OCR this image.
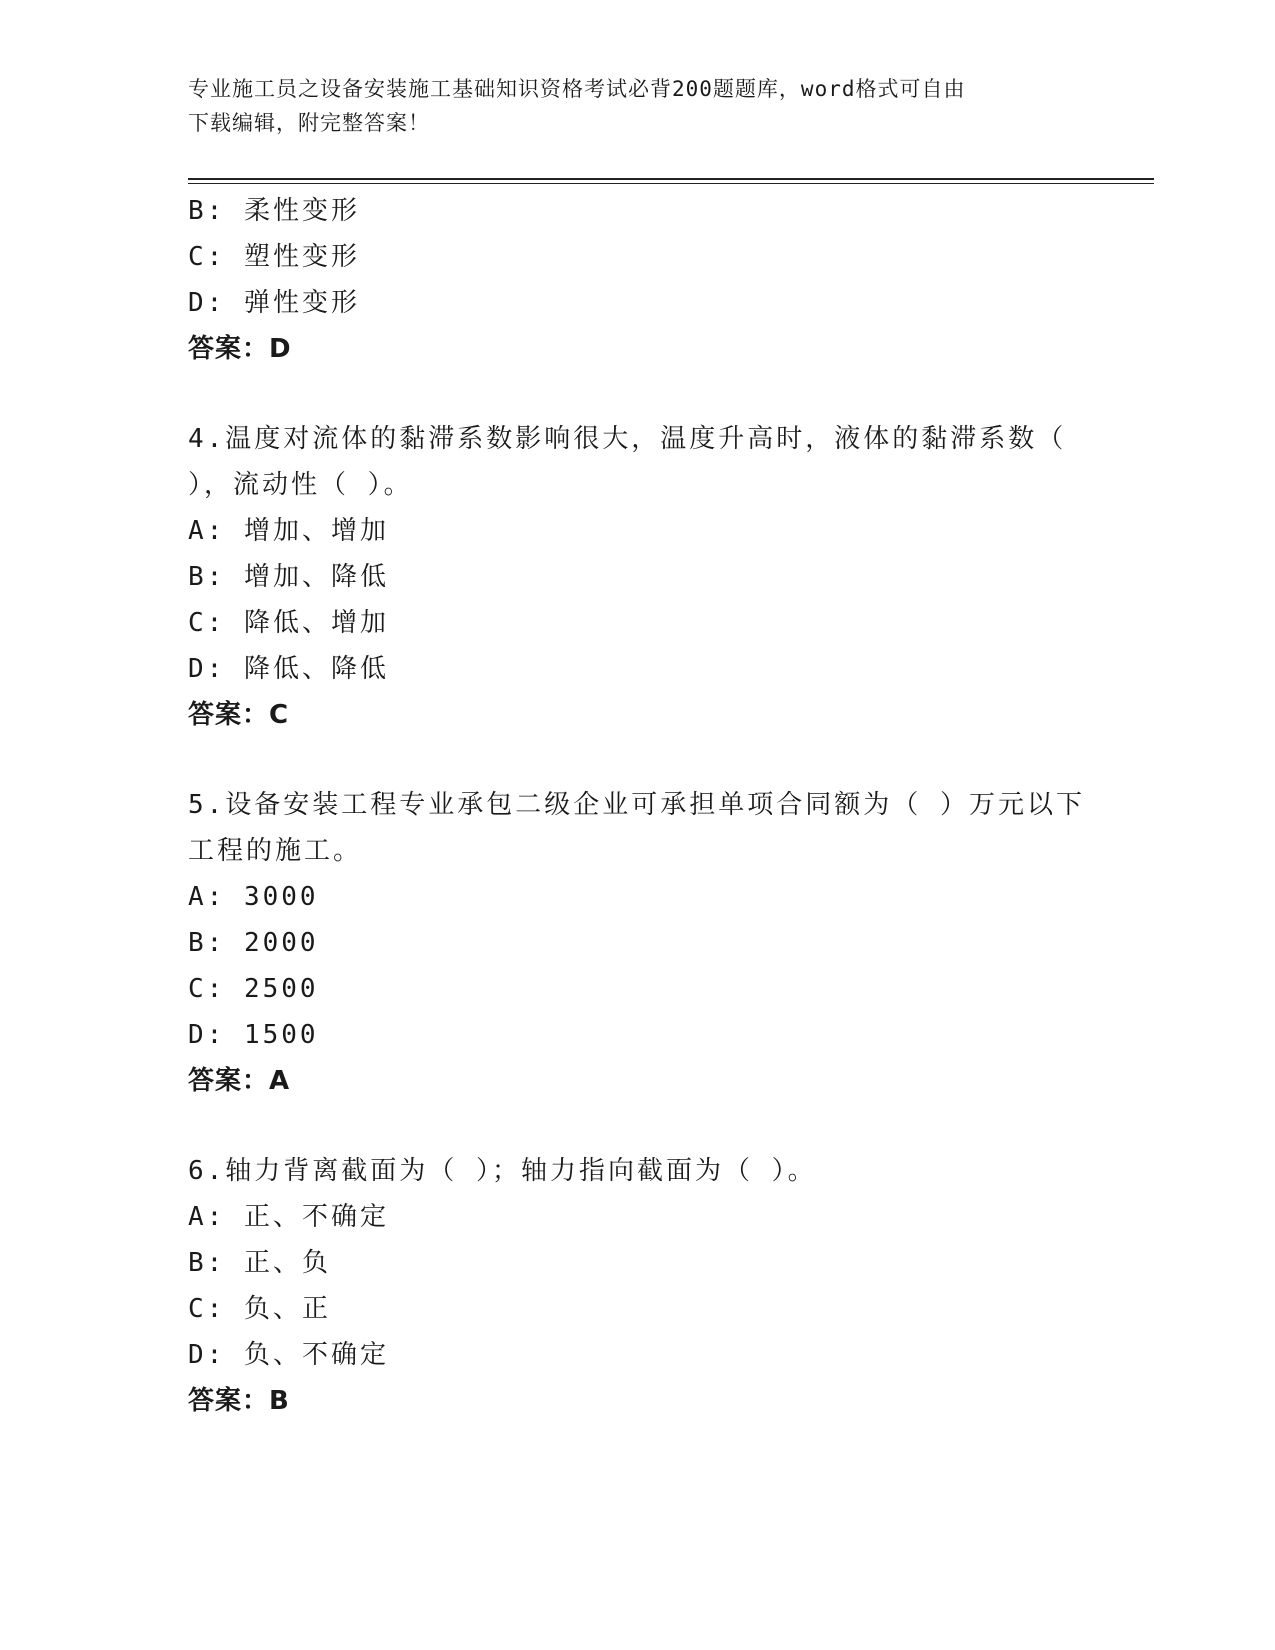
专业施工员之设备安装施工基础知识资格考试必背200题题库，word格式可自由
下载编辑，附完整答案！
B: 柔性变形
C: 塑性变形
D: 弹性变形
答案：D
4.温度对流体的黏滞系数影响很大，温度升高时，液体的黏滞系数（
），流动性（ ）。
A: 增加、增加
B: 增加、降低
C: 降低、增加
D: 降低、降低
答案：C
5.设备安装工程专业承包二级企业可承担单项合同额为（ ）万元以下
工程的施工。
A: 3000
B: 2000
C: 2500
D: 1500
答案：A
6.轴力背离截面为（ ）；轴力指向截面为（ ）。
A: 正、不确定
B: 正、负
C: 负、正
D: 负、不确定
答案：B
